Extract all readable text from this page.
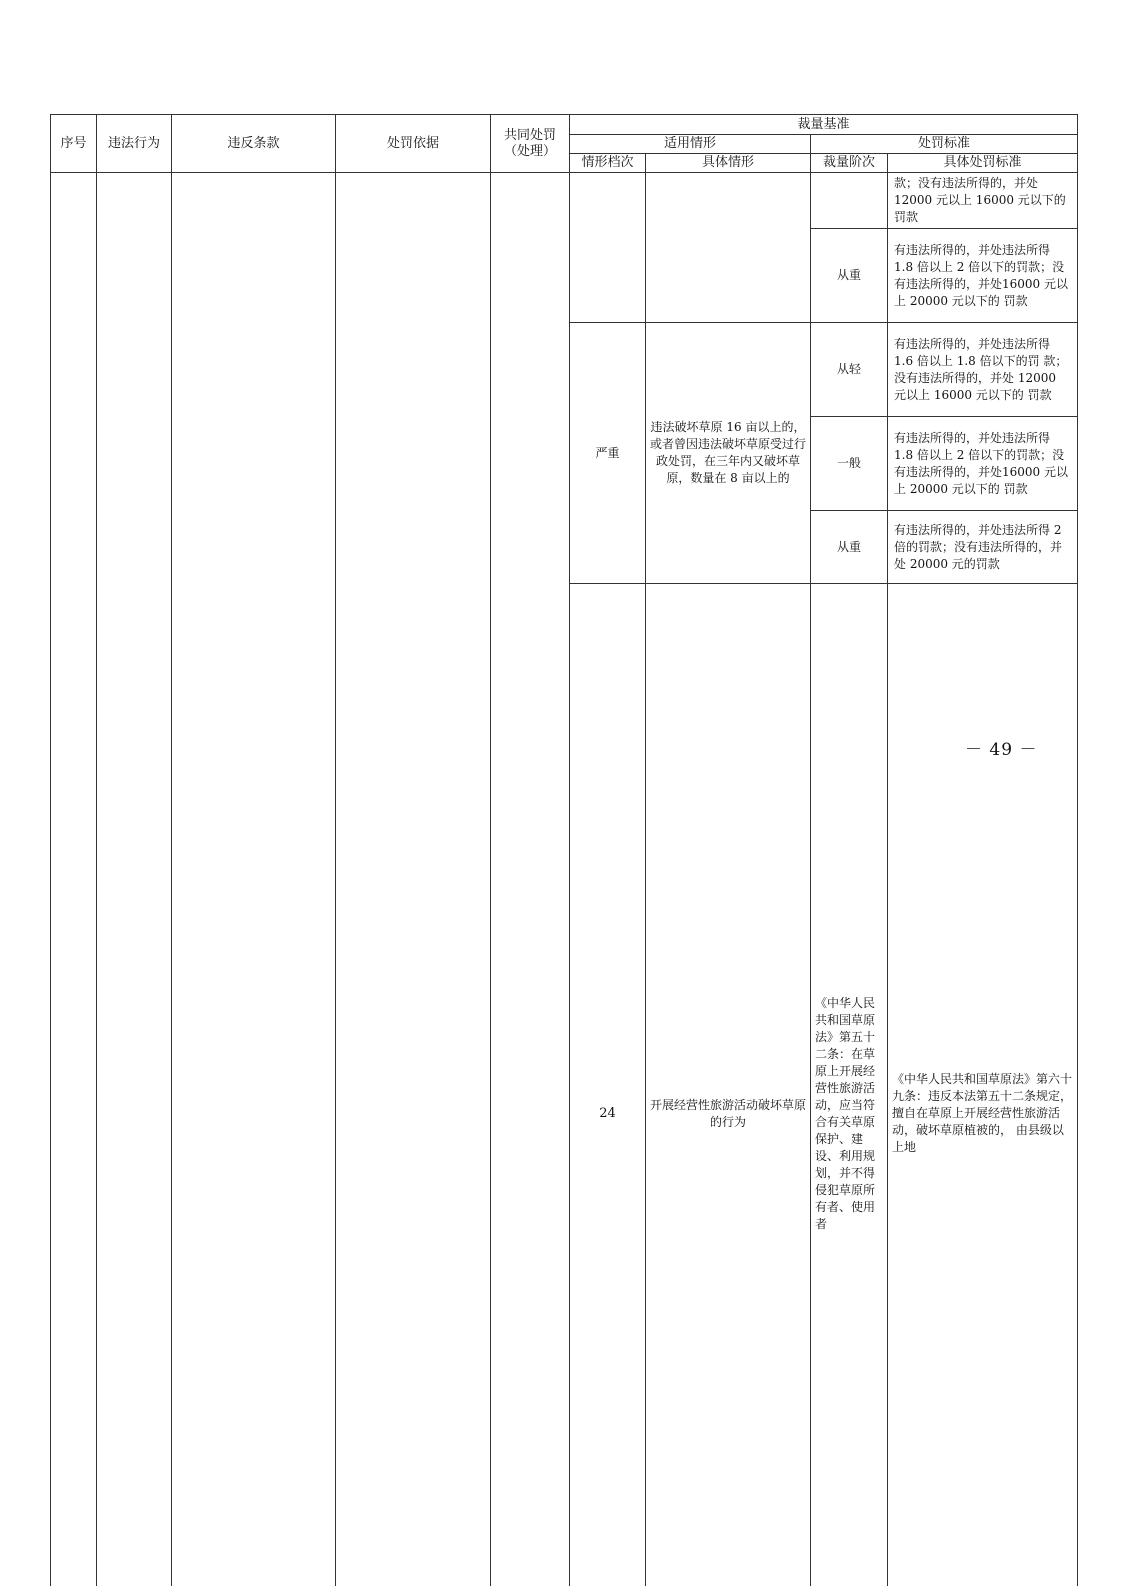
序号	违法行为	违反条款	处罚依据	共同处罚（处理）	裁量基准				
					适用情形		处罚标准		
					情形档次	具体情形	裁量阶次	具体处罚标准	
								款；没有违法所得的，并处12000 元以上 16000 元以下的 罚款	
							从重	有违法所得的，并处违法所得 1.8 倍以上 2 倍以下的罚款；没有违法所得的，并处16000 元以上 20000 元以下的 罚款	
					严重	违法破坏草原 16 亩以上的，或者曾因违法破坏草原受过行政处罚，在三年内又破坏草原，数量在 8 亩以上的	从轻	有违法所得的，并处违法所得 1.6 倍以上 1.8 倍以下的罚 款；没有违法所得的，并处 12000 元以上 16000 元以下的 罚款	
							一般	有违法所得的，并处违法所得 1.8 倍以上 2 倍以下的罚款；没有违法所得的，并处16000 元以上 20000 元以下的 罚款	
							从重	有违法所得的，并处违法所得 2 倍的罚款；没有违法所得的，并处 20000 元的罚款	
					24	开展经营性旅游活动破坏草原的行为	《中华人民共和国草原法》第五十二条：在草原上开展经营性旅游活动，应当符合有关草原保护、建设、利用规划，并不得侵犯草原所有者、使用者	《中华人民共和国草原法》第六十九条：违反本法第五十二条规定，擅自在草原上开展经营性旅游活动，破坏草原植被的， 由县级以上地					

－ 49 －
